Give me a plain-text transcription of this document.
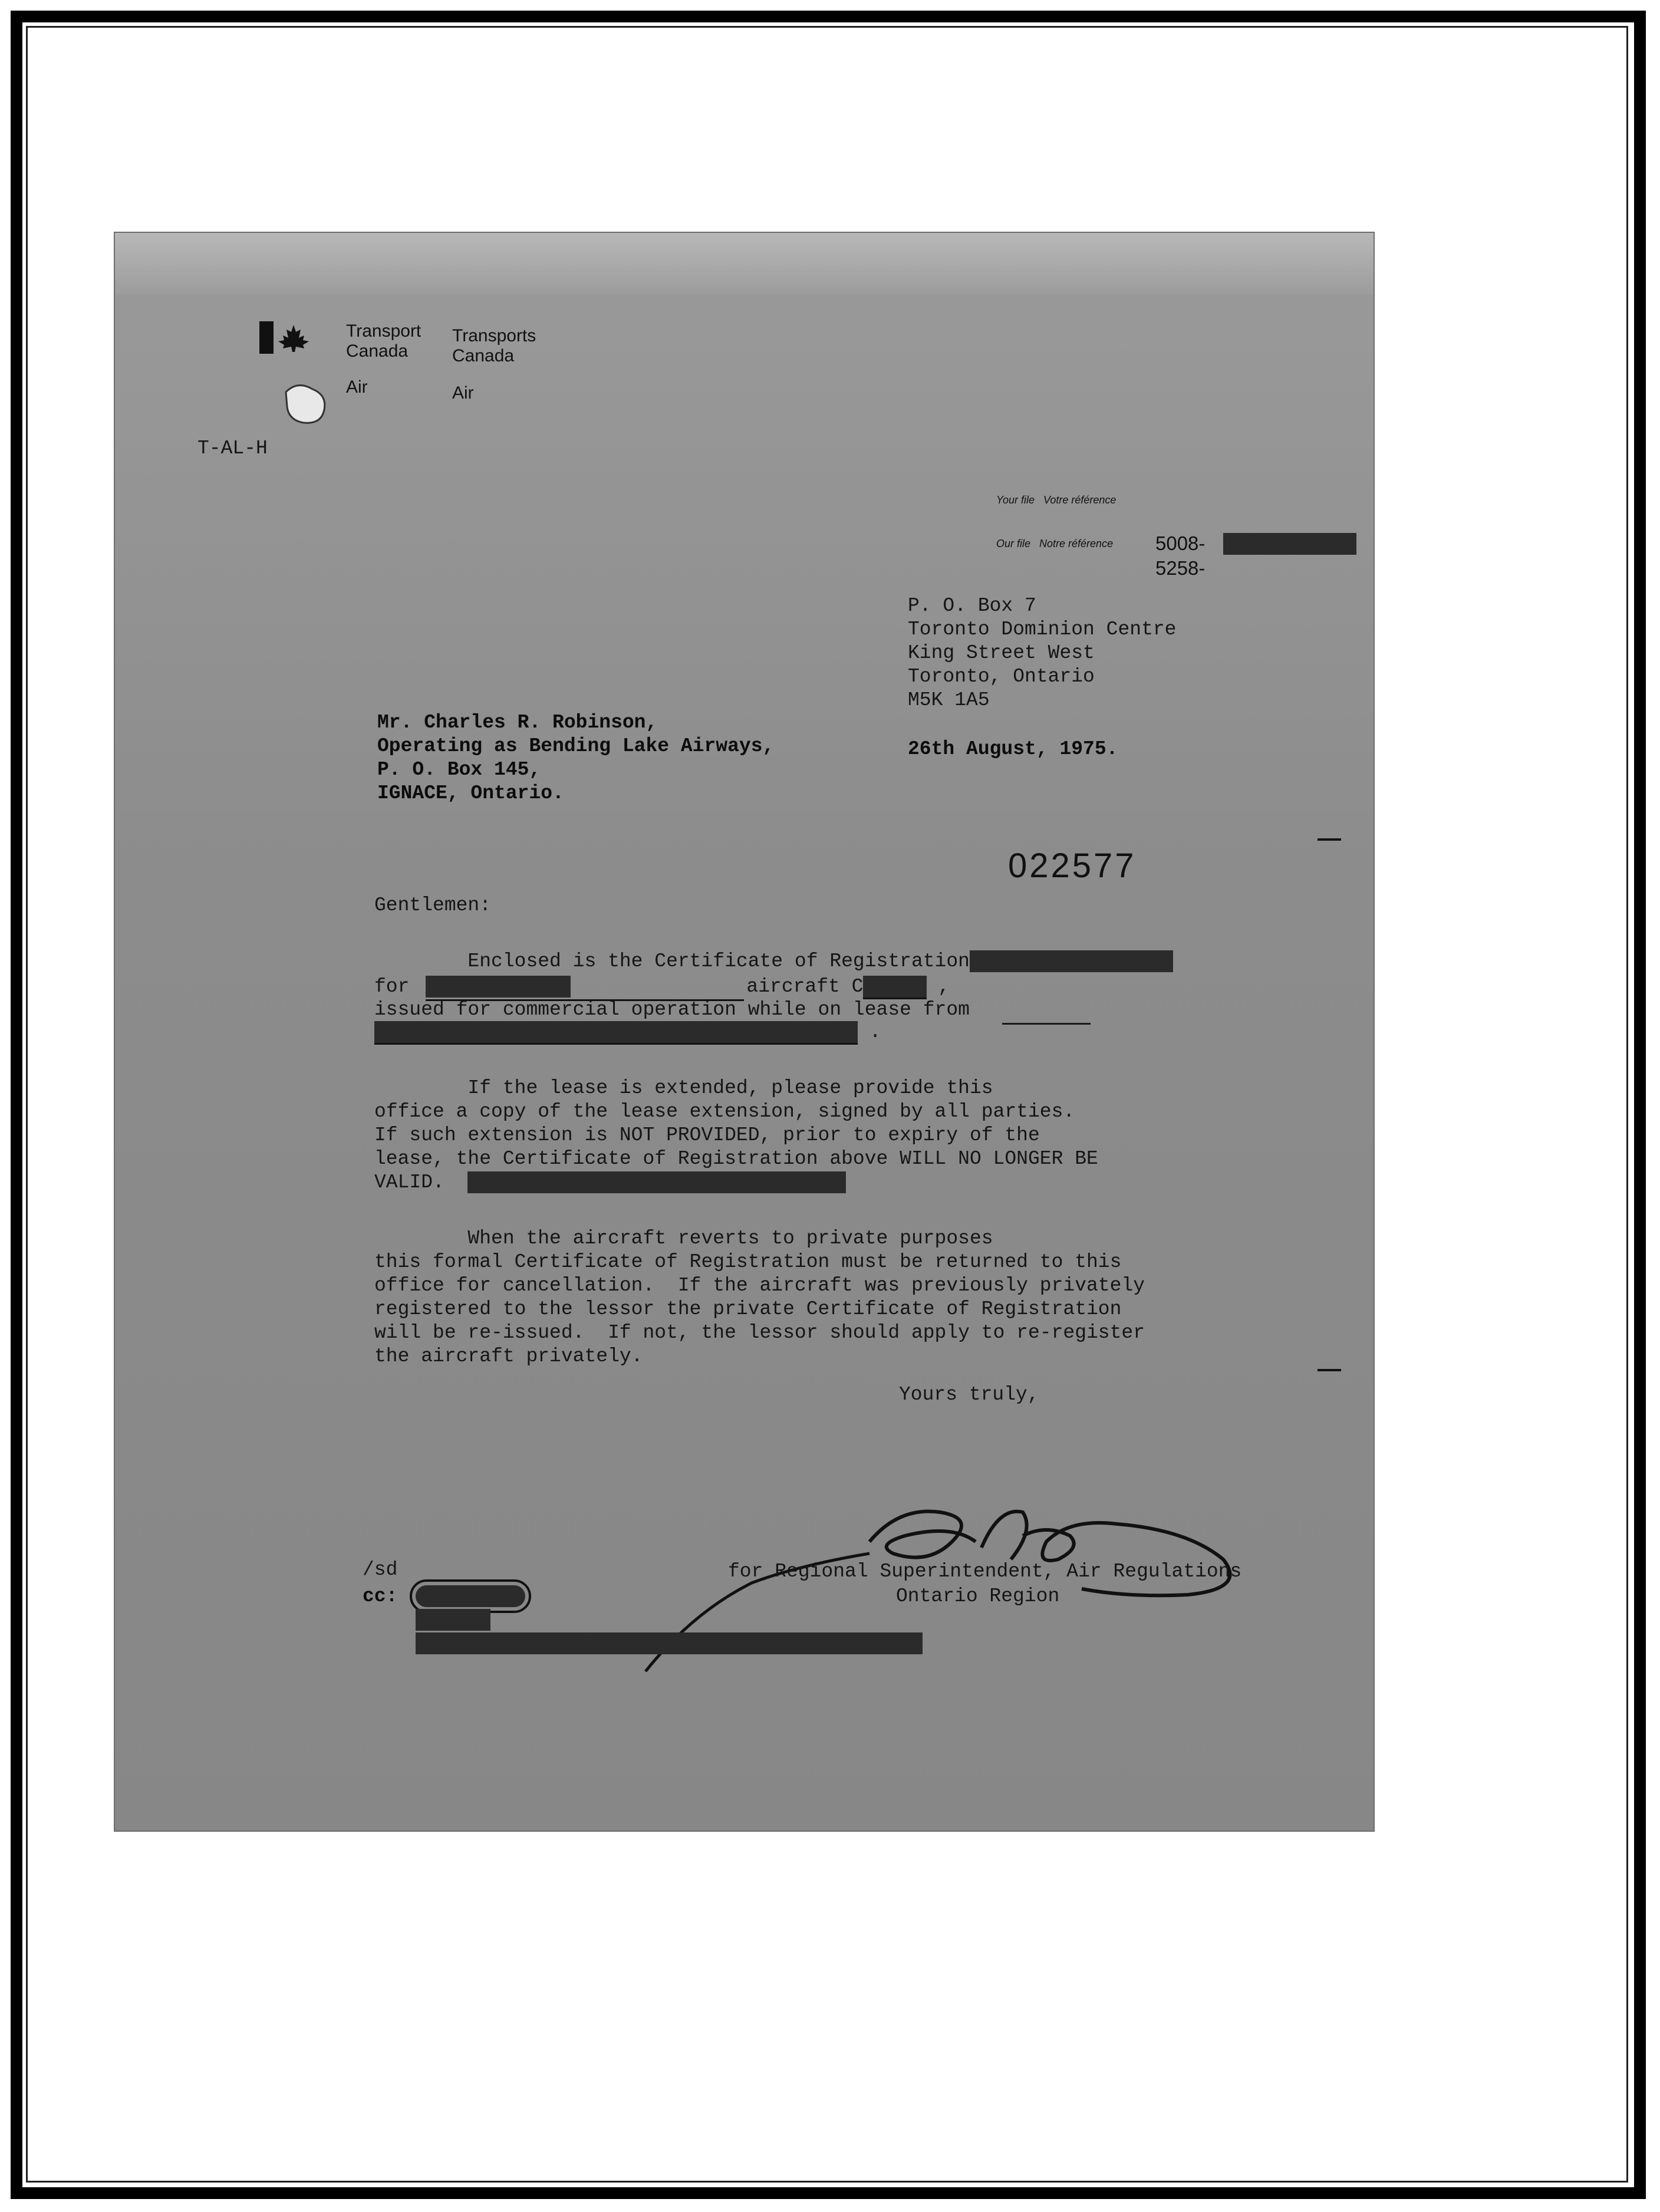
Transport
Canada
Transports
Canada
Air	Air
T-AL-H
Your file   Votre référence
Our file   Notre référence 5008- GGQU (OCAR)
5258-
P. O. Box 7
Toronto Dominion Centre
King Street West
Toronto, Ontario
M5K 1A5
Mr. Charles R. Robinson,
Operating as Bending Lake Airways,
P. O. Box 145,
IGNACE, Ontario.
26th August, 1975.
022577
Gentlemen:
Enclosed is the Certificate of Registration and Airworthiness
for Cessna A185F	aircraft C -GGQU ,
issued for commercial operation while on lease from
W. J. Long, H.E. Ironstone & B. W. Wannan .
If the lease is extended, please provide this
office a copy of the lease extension, signed by all parties.
If such extension is NOT PROVIDED, prior to expiry of the
lease, the Certificate of Registration above WILL NO LONGER BE
VALID. Lease expires 26th August, 1976.
When the aircraft reverts to private purposes
this formal Certificate of Registration must be returned to this
office for cancellation.  If the aircraft was previously privately
registered to the lessor the private Certificate of Registration
will be re-issued.  If not, the lessor should apply to re-register
the aircraft privately.
Yours truly,
/sd	for Regional Superintendent, Air Regulations
Ontario Region
cc: LRCA Ott.
R.O.C.
W. J. Long, H.E. Ironstone, & B. W. Wannan.
